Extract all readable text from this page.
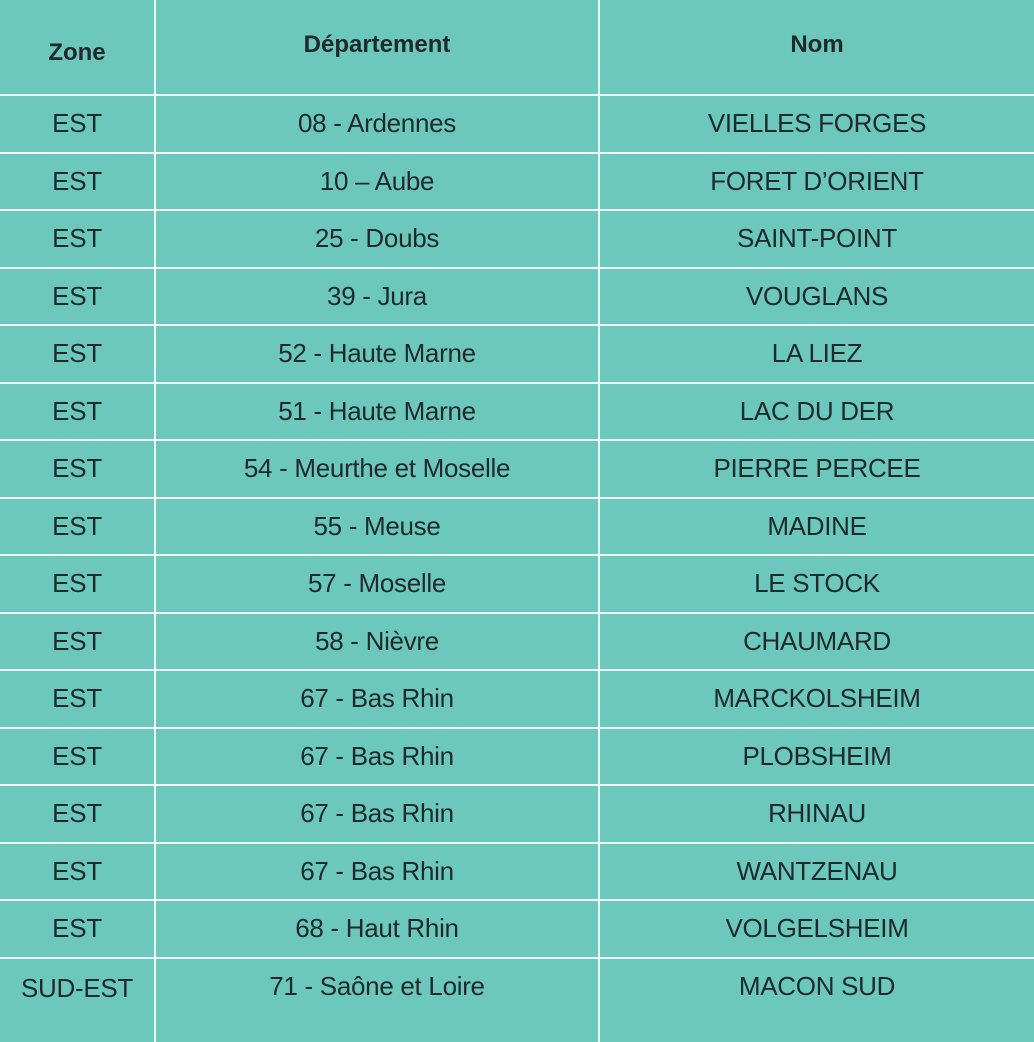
Zone	Département	Nom
EST	08 - Ardennes	VIELLES FORGES
EST	10 – Aube	FORET D’ORIENT
EST	25 - Doubs	SAINT-POINT
EST	39 - Jura	VOUGLANS
EST	52 - Haute Marne	LA LIEZ
EST	51 - Haute Marne	LAC DU DER
EST	54 - Meurthe et Moselle	PIERRE PERCEE
EST	55 - Meuse	MADINE
EST	57 - Moselle	LE STOCK
EST	58 - Nièvre	CHAUMARD
EST	67 - Bas Rhin	MARCKOLSHEIM
EST	67 - Bas Rhin	PLOBSHEIM
EST	67 - Bas Rhin	RHINAU
EST	67 - Bas Rhin	WANTZENAU
EST	68 - Haut Rhin	VOLGELSHEIM
SUD-EST	71 - Saône et Loire	MACON SUD
